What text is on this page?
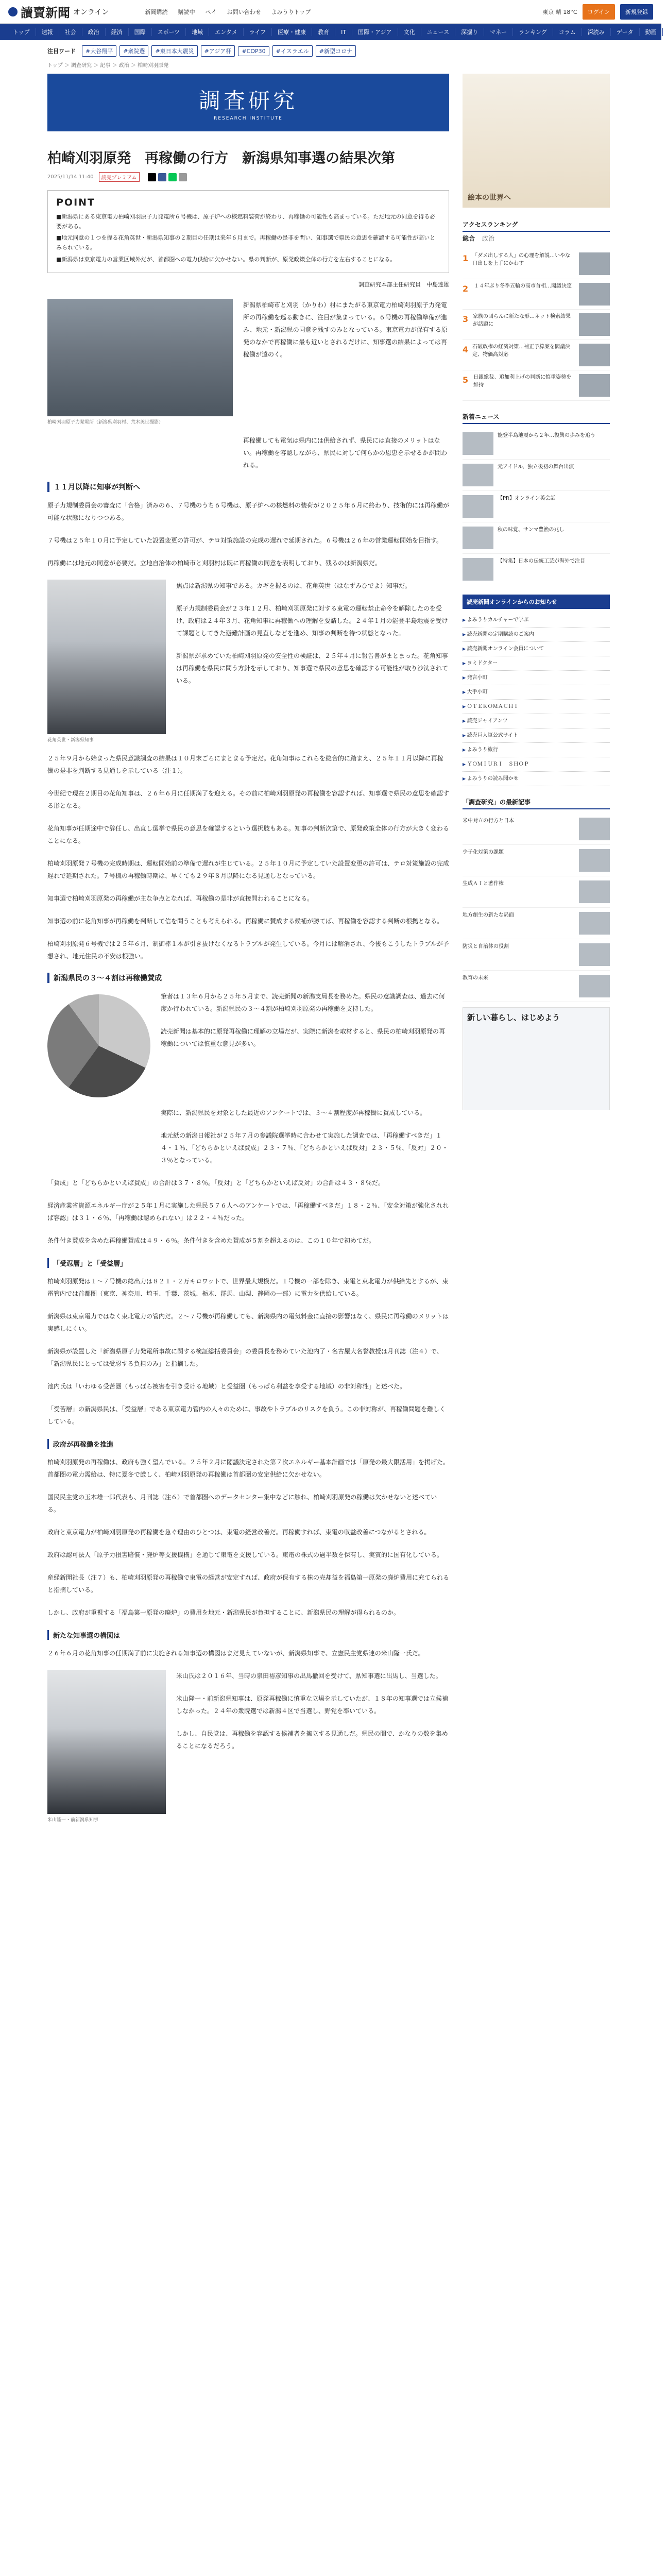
讀賣新聞 オンライン	新聞購読 購読中 ペイ お問い合わせ よみうりトップ	東京 晴 18°C	ログイン	新規登録
トップ	速報	社会	政治	経済	国際	スポーツ	地域	エンタメ	ライフ	医療・健康	教育	IT	国際・アジア	文化	ニュース	深掘り	マネー	ランキング	コラム	深読み	データ	動画 ⌕
注目ワード	#大谷翔平	#衆院選	#東日本大震災	#アジア杯	#COP30	#イスラエル	#新型コロナ
トップ ＞ 調査研究 ＞ 記事 ＞ 政治 ＞ 柏崎刈羽原発
調査研究
RESEARCH INSTITUTE
柏崎刈羽原発　再稼働の行方　新潟県知事選の結果次第
2025/11/14 11:40	読売プレミアム
POINT

■新潟県にある東京電力柏崎刈羽原子力発電所６号機は、原子炉への核燃料装荷が終わり、再稼働の可能性も高まっている。ただ地元の同意を得る必要がある。

■地元同意の１つを握る花角英世・新潟県知事の２期目の任期は来年６月まで。再稼働の是非を問い、知事選で県民の意思を確認する可能性が高いとみられている。

■新潟県は東京電力の営業区域外だが、首都圏への電力供給に欠かせない。県の判断が、原発政策全体の行方を左右することになる。

調査研究本部主任研究員　中島達雄
柏崎刈羽原子力発電所（新潟県刈羽村、荒木英世撮影）
新潟県柏崎市と刈羽（かりわ）村にまたがる東京電力柏崎刈羽原子力発電所の再稼働を巡る動きに、注目が集まっている。６号機の再稼働準備が進み、地元・新潟県の同意を残すのみとなっている。東京電力が保有する原発のなかで再稼働に最も近いとされるだけに、知事選の結果によっては再稼働が遠のく。
再稼働しても電気は県内には供給されず、県民には直接のメリットはない。再稼働を容認しながら、県民に対して何らかの恩恵を示せるかが問われる。
１１月以降に知事が判断へ
原子力規制委員会の審査に「合格」済みの６、７号機のうち６号機は、原子炉への核燃料の装荷が２０２５年６月に終わり、技術的には再稼働が可能な状態になりつつある。
７号機は２５年１０月に予定していた設置変更の許可が、テロ対策施設の完成の遅れで延期された。６号機は２６年の営業運転開始を目指す。
再稼働には地元の同意が必要だ。立地自治体の柏崎市と刈羽村は既に再稼働の同意を表明しており、残るのは新潟県だ。
花角英世・新潟県知事
焦点は新潟県の知事である。カギを握るのは、花角英世（はなずみひでよ）知事だ。
原子力規制委員会が２３年１２月、柏崎刈羽原発に対する東電の運転禁止命令を解除したのを受け、政府は２４年３月、花角知事に再稼働への理解を要請した。２４年１月の能登半島地震を受けて課題としてきた避難計画の見直しなどを進め、知事の判断を待つ状態となった。
新潟県が求めていた柏崎刈羽原発の安全性の検証は、２５年４月に報告書がまとまった。花角知事は再稼働を県民に問う方針を示しており、知事選で県民の意思を確認する可能性が取り沙汰されている。
２５年９月から始まった県民意識調査の結果は１０月末ごろにまとまる予定だ。花角知事はこれらを総合的に踏まえ、２５年１１月以降に再稼働の是非を判断する見通しを示している（注１）。
今世紀で現在２期目の花角知事は、２６年６月に任期満了を迎える。その前に柏崎刈羽原発の再稼働を容認すれば、知事選で県民の意思を確認する形となる。
花角知事が任期途中で辞任し、出直し選挙で県民の意思を確認するという選択肢もある。知事の判断次第で、原発政策全体の行方が大きく変わることになる。
柏崎刈羽原発７号機の完成時期は、運転開始前の準備で遅れが生じている。２５年１０月に予定していた設置変更の許可は、テロ対策施設の完成遅れで延期された。７号機の再稼働時期は、早くても２９年８月以降になる見通しとなっている。
知事選で柏崎刈羽原発の再稼働が主な争点となれば、再稼働の是非が直接問われることになる。
知事選の前に花角知事が再稼働を判断して信を問うことも考えられる。再稼働に賛成する候補が勝てば、再稼働を容認する判断の根拠となる。
柏崎刈羽原発６号機では２５年６月、制御棒１本が引き抜けなくなるトラブルが発生している。今月には解消され、今後もこうしたトラブルが予想され、地元住民の不安は根強い。
新潟県民の３〜４割は再稼働賛成
筆者は１３年６月から２５年５月まで、読売新聞の新潟支局長を務めた。県民の意識調査は、過去に何度か行われている。新潟県民の３〜４割が柏崎刈羽原発の再稼働を支持した。
読売新聞は基本的に原発再稼働に理解の立場だが、実際に新潟を取材すると、県民の柏崎刈羽原発の再稼働については慎重な意見が多い。
実際に、新潟県民を対象とした最近のアンケートでは、３〜４割程度が再稼働に賛成している。
地元紙の新潟日報社が２５年７月の参議院選挙時に合わせて実施した調査では、「再稼働すべきだ」１４・１％、「どちらかといえば賛成」２３・７％、「どちらかといえば反対」２３・５％、「反対」２０・３％となっている。
「賛成」と「どちらかといえば賛成」の合計は３７・８％。「反対」と「どちらかといえば反対」の合計は４３・８％だ。
経済産業省資源エネルギー庁が２５年１月に実施した県民５７６人へのアンケートでは、「再稼働すべきだ」１８・２％、「安全対策が強化されれば容認」は３１・６％、「再稼働は認められない」は２２・４％だった。
条件付き賛成を含めた再稼働賛成は４９・６％。条件付きを含めた賛成が５割を超えるのは、この１０年で初めてだ。
「受忍層」と「受益層」
柏崎刈羽原発は１〜７号機の総出力は８２１・２万キロワットで、世界最大規模だ。１号機の一部を除き、東電と東北電力が供給先とするが、東電管内では首都圏（東京、神奈川、埼玉、千葉、茨城、栃木、群馬、山梨、静岡の一部）に電力を供給している。
新潟県は東京電力ではなく東北電力の管内だ。２〜７号機が再稼働しても、新潟県内の電気料金に直接の影響はなく、県民に再稼働のメリットは実感しにくい。
新潟県が設置した「新潟県原子力発電所事故に関する検証総括委員会」の委員長を務めていた池内了・名古屋大名誉教授は月刊誌（注４）で、「新潟県民にとっては受忍する負担のみ」と指摘した。
池内氏は「いわゆる受苦圏（もっぱら被害を引き受ける地域）と受益圏（もっぱら利益を享受する地域）の非対称性」と述べた。
「受苦層」の新潟県民は、「受益層」である東京電力管内の人々のために、事故やトラブルのリスクを負う。この非対称が、再稼働問題を難しくしている。
政府が再稼働を推進
柏崎刈羽原発の再稼働は、政府も強く望んでいる。２５年２月に閣議決定された第７次エネルギー基本計画では「原発の最大限活用」を掲げた。首都圏の電力需給は、特に夏冬で厳しく、柏崎刈羽原発の再稼働は首都圏の安定供給に欠かせない。
国民民主党の玉木雄一郎代表も、月刊誌（注６）で首都圏へのデータセンター集中などに触れ、柏崎刈羽原発の稼働は欠かせないと述べている。
政府と東京電力が柏崎刈羽原発の再稼働を急ぐ理由のひとつは、東電の経営改善だ。再稼働すれば、東電の収益改善につながるとされる。
政府は認可法人「原子力損害賠償・廃炉等支援機構」を通じて東電を支援している。東電の株式の過半数を保有し、実質的に国有化している。
産経新聞社長（注７）も、柏崎刈羽原発の再稼働で東電の経営が安定すれば、政府が保有する株の売却益を福島第一原発の廃炉費用に充てられると指摘している。
しかし、政府が重視する「福島第一原発の廃炉」の費用を地元・新潟県民が負担することに、新潟県民の理解が得られるのか。
新たな知事選の構図は
２６年６月の花角知事の任期満了前に実施される知事選の構図はまだ見えていないが、新潟県知事で、立憲民主党県連の米山隆一氏だ。
米山隆一・前新潟県知事
米山氏は２０１６年、当時の泉田裕彦知事の出馬撤回を受けて、県知事選に出馬し、当選した。
米山隆一・前新潟県知事は、原発再稼働に慎重な立場を示していたが、１８年の知事選では立候補しなかった。２４年の衆院選では新潟４区で当選し、野党を率いている。
しかし、自民党は、再稼働を容認する候補者を擁立する見通しだ。県民の間で、かなりの数を集めることになるだろう。
絵本の世界へ
アクセスランキング
総合 政治
1 「ダメ出しする人」の心理を解説…いやな口出しを上手にかわす
2 １４年ぶり冬季五輪の高市首相…閣議決定
3 家族の団らんに新たな形…ネット検索結果が話題に
4 石破政権の経済対策…補正予算案を閣議決定、物価高対応
5 日銀総裁、追加利上げの判断に慎重姿勢を維持
新着ニュース
能登半島地震から２年…復興の歩みを追う
元アイドル、独立後初の舞台出演
【PR】オンライン英会話
秋の味覚、サンマ豊漁の兆し
【特集】日本の伝統工芸が海外で注目
読売新聞オンラインからのお知らせ
▶ よみうりカルチャーで学ぶ
▶ 読売新聞の定期購読のご案内
▶ 読売新聞オンライン会員について
▶ ヨミドクター
▶ 発言小町
▶ 大手小町
▶ ＯＴＥＫＯＭＡＣＨＩ
▶ 読売ジャイアンツ
▶ 読売巨人軍公式サイト
▶ よみうり旅行
▶ ＹＯＭＩＵＲＩ　ＳＨＯＰ
▶ よみうりの読み聞かせ
「調査研究」の最新記事
米中対立の行方と日本
少子化対策の課題
生成ＡＩと著作権
地方創生の新たな局面
防災と自治体の役割
教育の未来
新しい暮らし、はじめよう
